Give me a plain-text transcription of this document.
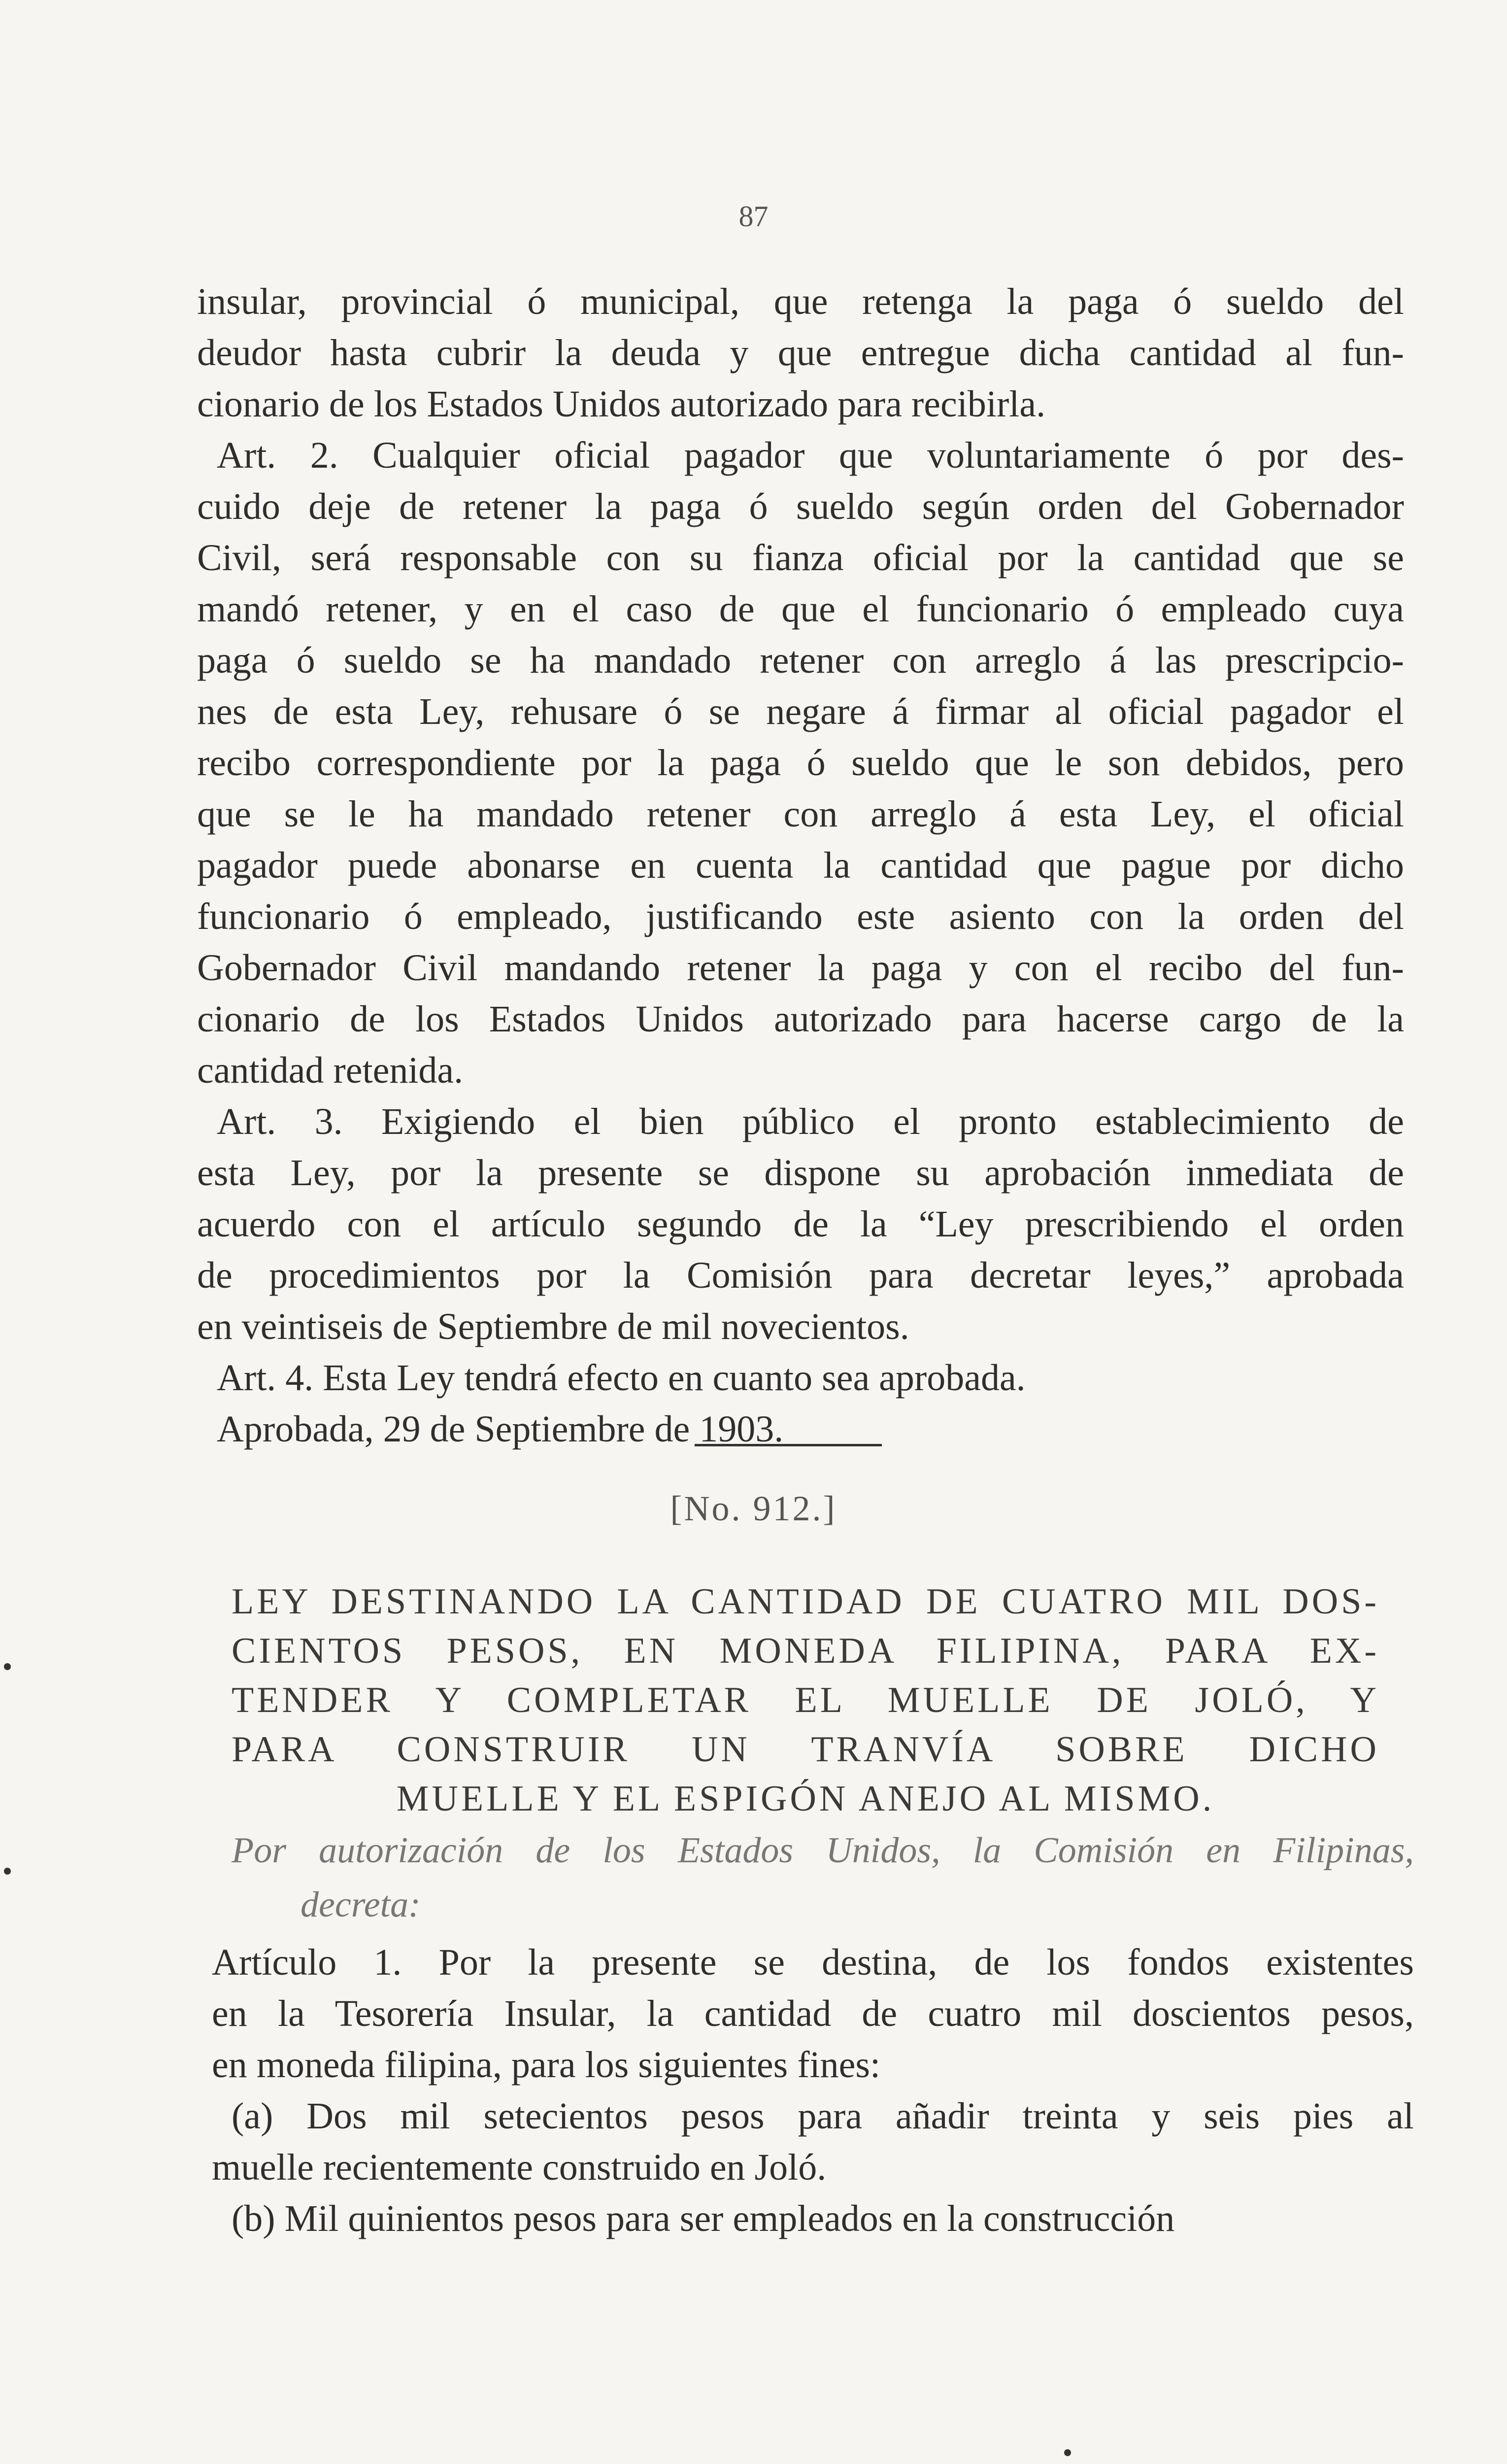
87

insular, provincial ó municipal, que retenga la paga ó sueldo del

deudor hasta cubrir la deuda y que entregue dicha cantidad al fun-

cionario de los Estados Unidos autorizado para recibirla.

Art. 2. Cualquier oficial pagador que voluntariamente ó por des-

cuido deje de retener la paga ó sueldo según orden del Gobernador

Civil, será responsable con su fianza oficial por la cantidad que se

mandó retener, y en el caso de que el funcionario ó empleado cuya

paga ó sueldo se ha mandado retener con arreglo á las prescripcio-

nes de esta Ley, rehusare ó se negare á firmar al oficial pagador el

recibo correspondiente por la paga ó sueldo que le son debidos, pero

que se le ha mandado retener con arreglo á esta Ley, el oficial

pagador puede abonarse en cuenta la cantidad que pague por dicho

funcionario ó empleado, justificando este asiento con la orden del

Gobernador Civil mandando retener la paga y con el recibo del fun-

cionario de los Estados Unidos autorizado para hacerse cargo de la

cantidad retenida.

Art. 3. Exigiendo el bien público el pronto establecimiento de

esta Ley, por la presente se dispone su aprobación inmediata de

acuerdo con el artículo segundo de la “Ley prescribiendo el orden

de procedimientos por la Comisión para decretar leyes,” aprobada

en veintiseis de Septiembre de mil novecientos.

Art. 4. Esta Ley tendrá efecto en cuanto sea aprobada.

Aprobada, 29 de Septiembre de 1903.

[No. 912.]

LEY DESTINANDO LA CANTIDAD DE CUATRO MIL DOS-

CIENTOS PESOS, EN MONEDA FILIPINA, PARA EX-

TENDER Y COMPLETAR EL MUELLE DE JOLÓ, Y

PARA CONSTRUIR UN TRANVÍA SOBRE DICHO

MUELLE Y EL ESPIGÓN ANEJO AL MISMO.

Por autorización de los Estados Unidos, la Comisión en Filipinas,
decreta:

Artículo 1. Por la presente se destina, de los fondos existentes

en la Tesorería Insular, la cantidad de cuatro mil doscientos pesos,

en moneda filipina, para los siguientes fines:

(a) Dos mil setecientos pesos para añadir treinta y seis pies al

muelle recientemente construido en Joló.

(b) Mil quinientos pesos para ser empleados en la construcción
